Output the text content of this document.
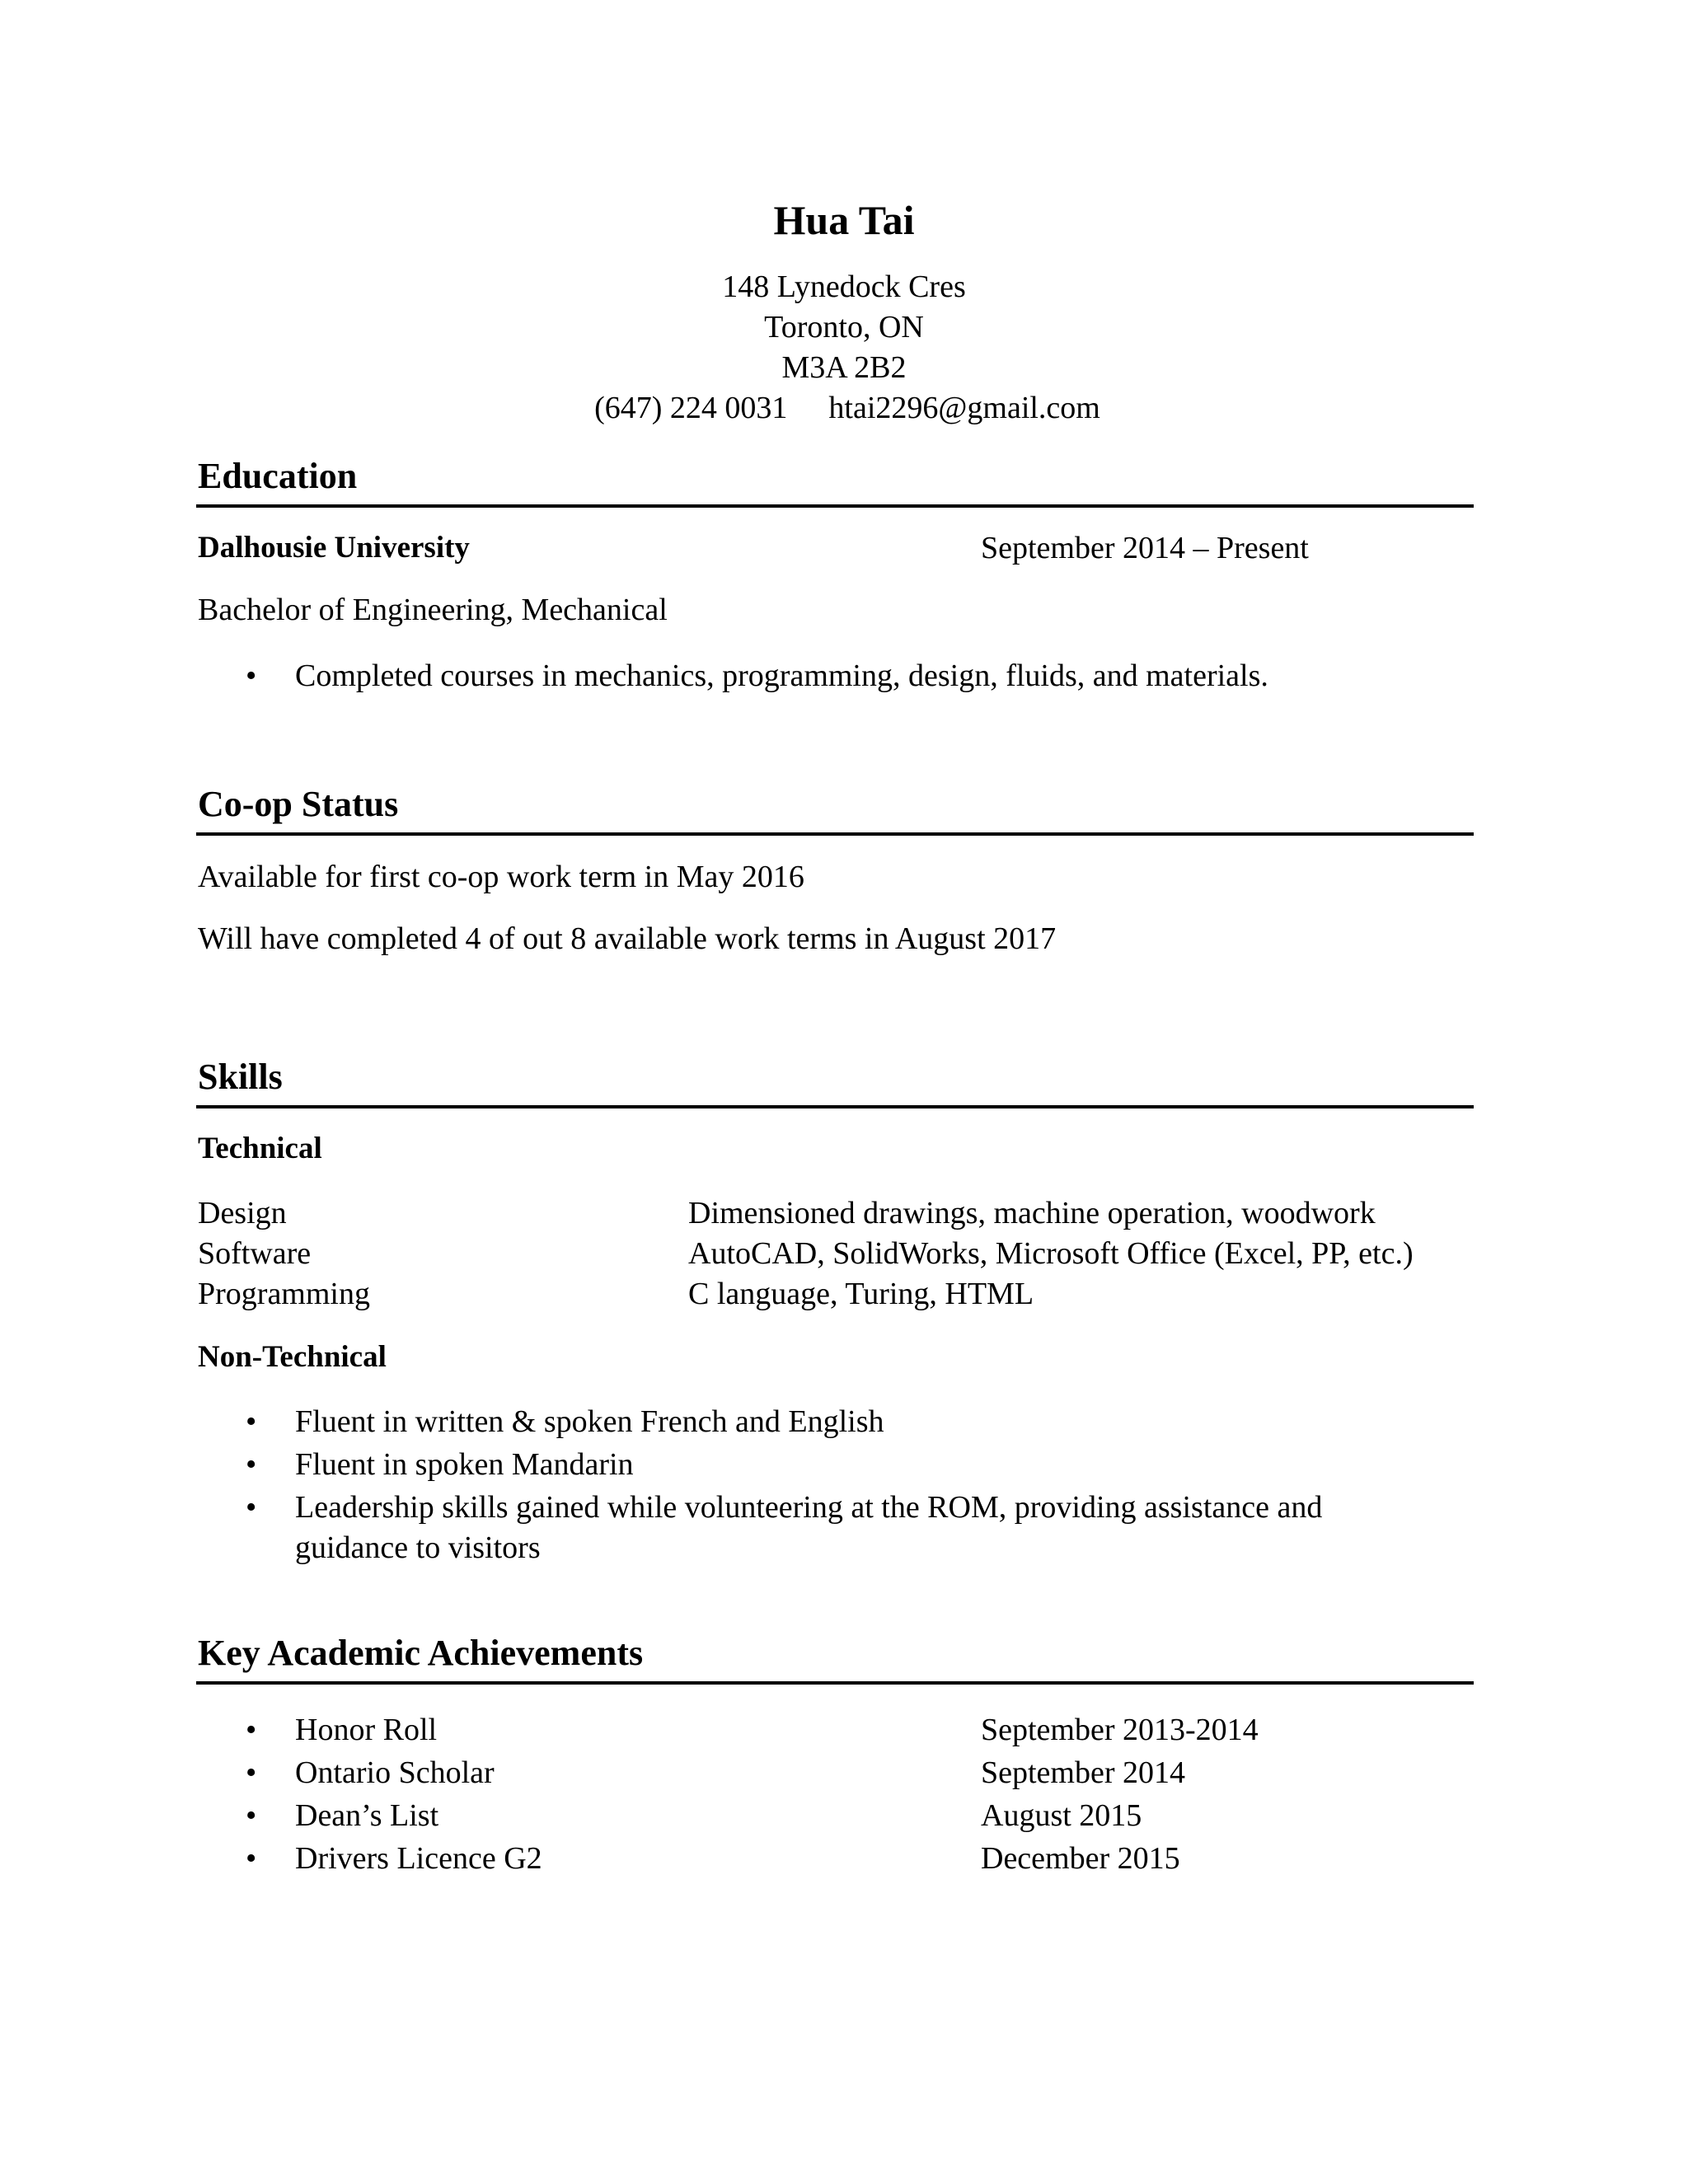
Hua Tai
148 Lynedock Cres
Toronto, ON
M3A 2B2
(647) 224 0031 htai2296@gmail.com
Education
Dalhousie University	September 2014 – Present
Bachelor of Engineering, Mechanical
• Completed courses in mechanics, programming, design, fluids, and materials.
Co-op Status
Available for first co-op work term in May 2016
Will have completed 4 of out 8 available work terms in August 2017
Skills
Technical
Design	Dimensioned drawings, machine operation, woodwork
Software	AutoCAD, SolidWorks, Microsoft Office (Excel, PP, etc.)
Programming	C language, Turing, HTML
Non-Technical
• Fluent in written & spoken French and English
• Fluent in spoken Mandarin
• Leadership skills gained while volunteering at the ROM, providing assistance and
guidance to visitors
Key Academic Achievements
• Honor Roll	September 2013-2014
• Ontario Scholar	September 2014
• Dean’s List	August 2015
• Drivers Licence G2	December 2015
